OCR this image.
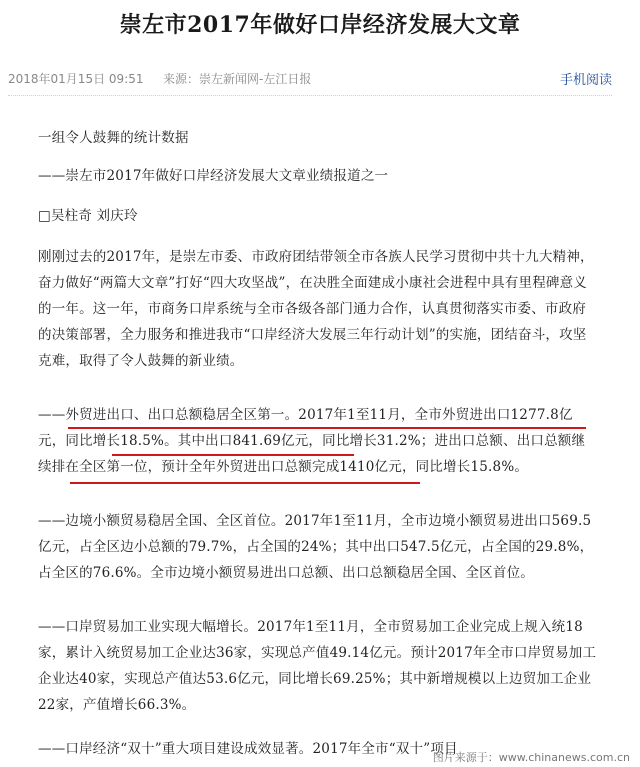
崇左市2017年做好口岸经济发展大文章
2018年01月15日 09:51 来源：崇左新闻网-左江日报	手机阅读

一组令人鼓舞的统计数据

——崇左市2017年做好口岸经济发展大文章业绩报道之一

□吴柱奇 刘庆玲

刚刚过去的2017年，是崇左市委、市政府团结带领全市各族人民学习贯彻中共十九大精神，奋力做好“两篇大文章”打好“四大攻坚战”，在决胜全面建成小康社会进程中具有里程碑意义的一年。这一年，市商务口岸系统与全市各级各部门通力合作，认真贯彻落实市委、市政府的决策部署，全力服务和推进我市“口岸经济大发展三年行动计划”的实施，团结奋斗，攻坚克难，取得了令人鼓舞的新业绩。

——外贸进出口、出口总额稳居全区第一。2017年1至11月，全市外贸进出口1277.8亿元，同比增长18.5%。其中出口841.69亿元，同比增长31.2%；进出口总额、出口总额继续排在全区第一位，预计全年外贸进出口总额完成1410亿元，同比增长15.8%。

——边境小额贸易稳居全国、全区首位。2017年1至11月，全市边境小额贸易进出口569.5亿元，占全区边小总额的79.7%，占全国的24%；其中出口547.5亿元，占全国的29.8%，占全区的76.6%。全市边境小额贸易进出口总额、出口总额稳居全国、全区首位。

——口岸贸易加工业实现大幅增长。2017年1至11月，全市贸易加工企业完成上规入统18家，累计入统贸易加工企业达36家，实现总产值49.14亿元。预计2017年全市口岸贸易加工企业达40家，实现总产值达53.6亿元，同比增长69.25%；其中新增规模以上边贸加工企业22家，产值增长66.3%。

——口岸经济“双十”重大项目建设成效显著。2017年全市“双十”项目

图片来源于：www.chinanews.com.cn
